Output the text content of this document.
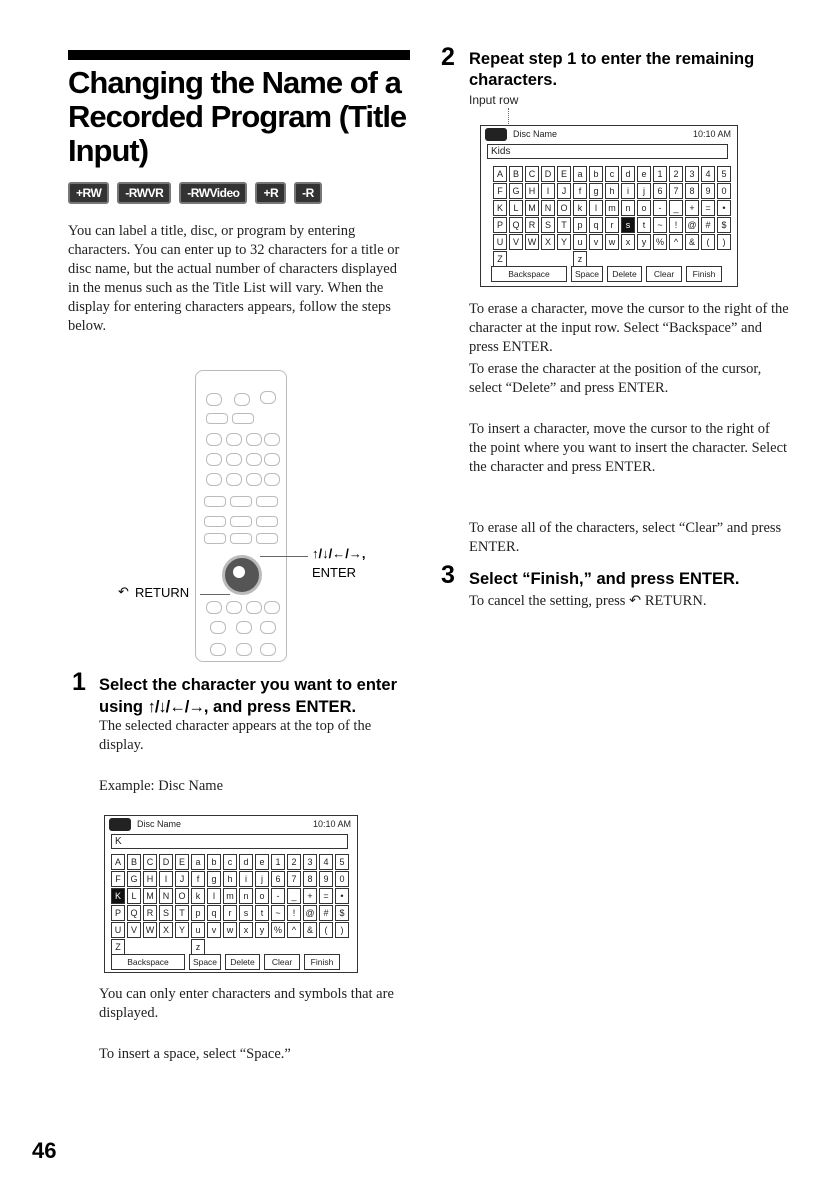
Changing the Name of a Recorded Program (Title Input)
+RW	-RWVR	-RWVideo	+R	-R

You can label a title, disc, or program by entering characters. You can enter up to 32 characters for a title or disc name, but the actual number of characters displayed in the menus such as the Title List will vary. When the display for entering characters appears, follow the steps below.

↑/↓/←/→,
ENTER
↶ RETURN
1 Select the character you want to enter
using ↑/↓/←/→, and press ENTER.

The selected character appears at the top of the display.

Example: Disc Name

Disc Name	10:10 AM
K
A	B	C	D	E	a	b	c	d	e	1	2	3	4	5
F	G	H	I	J	f	g	h	i	j	6	7	8	9	0
K	L	M	N	O	k	l	m	n	o	-	_	+	=	•
P	Q	R	S	T	p	q	r	s	t	~	!	@ #	$
U	V W X	Y	u	v	w	x	y	%	^	&	(	)
Z	z
Backspace	Space	Delete	Clear	Finish

You can only enter characters and symbols that are displayed.

To insert a space, select “Space.”

46
2 Repeat step 1 to enter the remaining characters.
Input row
Disc Name	10:10 AM
Kids
A	B	C	D	E	a	b	c	d	e	1	2	3	4	5
F	G	H	I	J	f	g	h	i	j	6	7	8	9	0
K	L	M	N	O	k	l	m	n	o	-	_	+	=	•
P	Q	R	S	T	p	q	r	s	t	~	!	@ #	$
U	V W X	Y	u	v	w	x	y	%	^	&	(	)
Z	z
Backspace	Space	Delete	Clear	Finish

To erase a character, move the cursor to the right of the character at the input row. Select “Backspace” and press ENTER.

To erase the character at the position of the cursor, select “Delete” and press ENTER.

To insert a character, move the cursor to the right of the point where you want to insert the character. Select the character and press ENTER.

To erase all of the characters, select “Clear” and press ENTER.

3 Select “Finish,” and press ENTER.

To cancel the setting, press ↶ RETURN.
